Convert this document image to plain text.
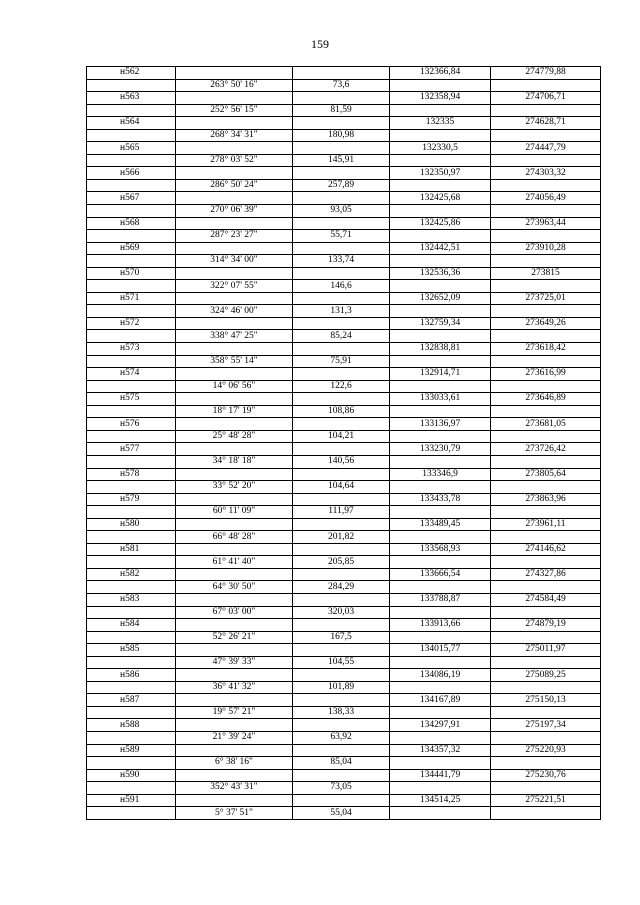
159
н562			132366,84	274779,88
	263° 50' 16"	73,6		
н563			132358,94	274706,71
	252° 56' 15"	81,59		
н564			132335	274628,71
	268° 34' 31"	180,98		
н565			132330,5	274447,79
	278° 03' 52"	145,91		
н566			132350,97	274303,32
	286° 50' 24"	257,89		
н567			132425,68	274056,49
	270° 06' 39"	93,05		
н568			132425,86	273963,44
	287° 23' 27"	55,71		
н569			132442,51	273910,28
	314° 34' 00"	133,74		
н570			132536,36	273815
	322° 07' 55"	146,6		
н571			132652,09	273725,01
	324° 46' 00"	131,3		
н572			132759,34	273649,26
	338° 47' 25"	85,24		
н573			132838,81	273618,42
	358° 55' 14"	75,91		
н574			132914,71	273616,99
	14° 06' 56"	122,6		
н575			133033,61	273646,89
	18° 17' 19"	108,86		
н576			133136,97	273681,05
	25° 48' 28"	104,21		
н577			133230,79	273726,42
	34° 18' 18"	140,56		
н578			133346,9	273805,64
	33° 52' 20"	104,64		
н579			133433,78	273863,96
	60° 11' 09"	111,97		
н580			133489,45	273961,11
	66° 48' 28"	201,82		
н581			133568,93	274146,62
	61° 41' 40"	205,85		
н582			133666,54	274327,86
	64° 30' 50"	284,29		
н583			133788,87	274584,49
	67° 03' 00"	320,03		
н584			133913,66	274879,19
	52° 26' 21"	167,5		
н585			134015,77	275011,97
	47° 39' 33"	104,55		
н586			134086,19	275089,25
	36° 41' 32"	101,89		
н587			134167,89	275150,13
	19° 57' 21"	138,33		
н588			134297,91	275197,34
	21° 39' 24"	63,92		
н589			134357,32	275220,93
	6° 38' 16"	85,04		
н590			134441,79	275230,76
	352° 43' 31"	73,05		
н591			134514,25	275221,51
	5° 37' 51"	55,04		
